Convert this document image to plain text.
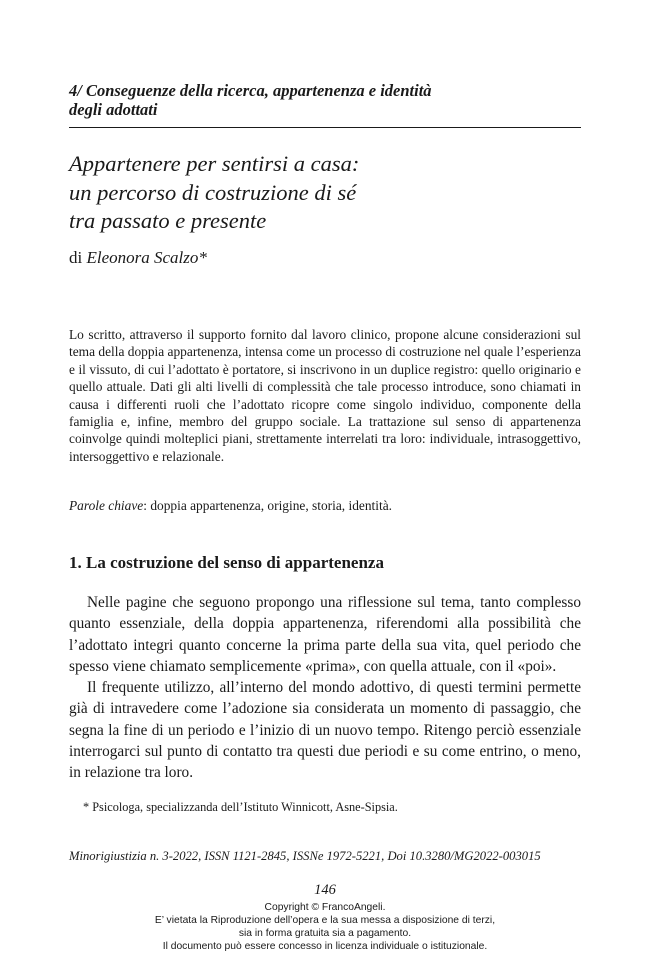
4/ Conseguenze della ricerca, appartenenza e identità
degli adottati
Appartenere per sentirsi a casa:
un percorso di costruzione di sé
tra passato e presente
di Eleonora Scalzo*

Lo scritto, attraverso il supporto fornito dal lavoro clinico, propone alcune considerazioni sul tema della doppia appartenenza, intensa come un processo di costruzione nel quale l’esperienza e il vissuto, di cui l’adottato è portatore, si inscrivono in un duplice registro: quello originario e quello attuale. Dati gli alti livelli di complessità che tale processo introduce, sono chiamati in causa i differenti ruoli che l’adottato ricopre come singolo individuo, componente della famiglia e, infine, membro del gruppo sociale. La trattazione sul senso di appartenenza coinvolge quindi molteplici piani, strettamente interrelati tra loro: individuale, intrasoggettivo, intersoggettivo e relazionale.

Parole chiave: doppia appartenenza, origine, storia, identità.

1. La costruzione del senso di appartenenza

Nelle pagine che seguono propongo una riflessione sul tema, tanto complesso quanto essenziale, della doppia appartenenza, riferendomi alla possibilità che l’adottato integri quanto concerne la prima parte della sua vita, quel periodo che spesso viene chiamato semplicemente «prima», con quella attuale, con il «poi».

Il frequente utilizzo, all’interno del mondo adottivo, di questi termini permette già di intravedere come l’adozione sia considerata un momento di passaggio, che segna la fine di un periodo e l’inizio di un nuovo tempo. Ritengo perciò essenziale interrogarci sul punto di contatto tra questi due periodi e su come entrino, o meno, in relazione tra loro.

* Psicologa, specializzanda dell’Istituto Winnicott, Asne-Sipsia.
Minorigiustizia n. 3-2022, ISSN 1121-2845, ISSNe 1972-5221, Doi 10.3280/MG2022-003015
146
Copyright © FrancoAngeli.
E’ vietata la Riproduzione dell’opera e la sua messa a disposizione di terzi,
sia in forma gratuita sia a pagamento.
Il documento può essere concesso in licenza individuale o istituzionale.
